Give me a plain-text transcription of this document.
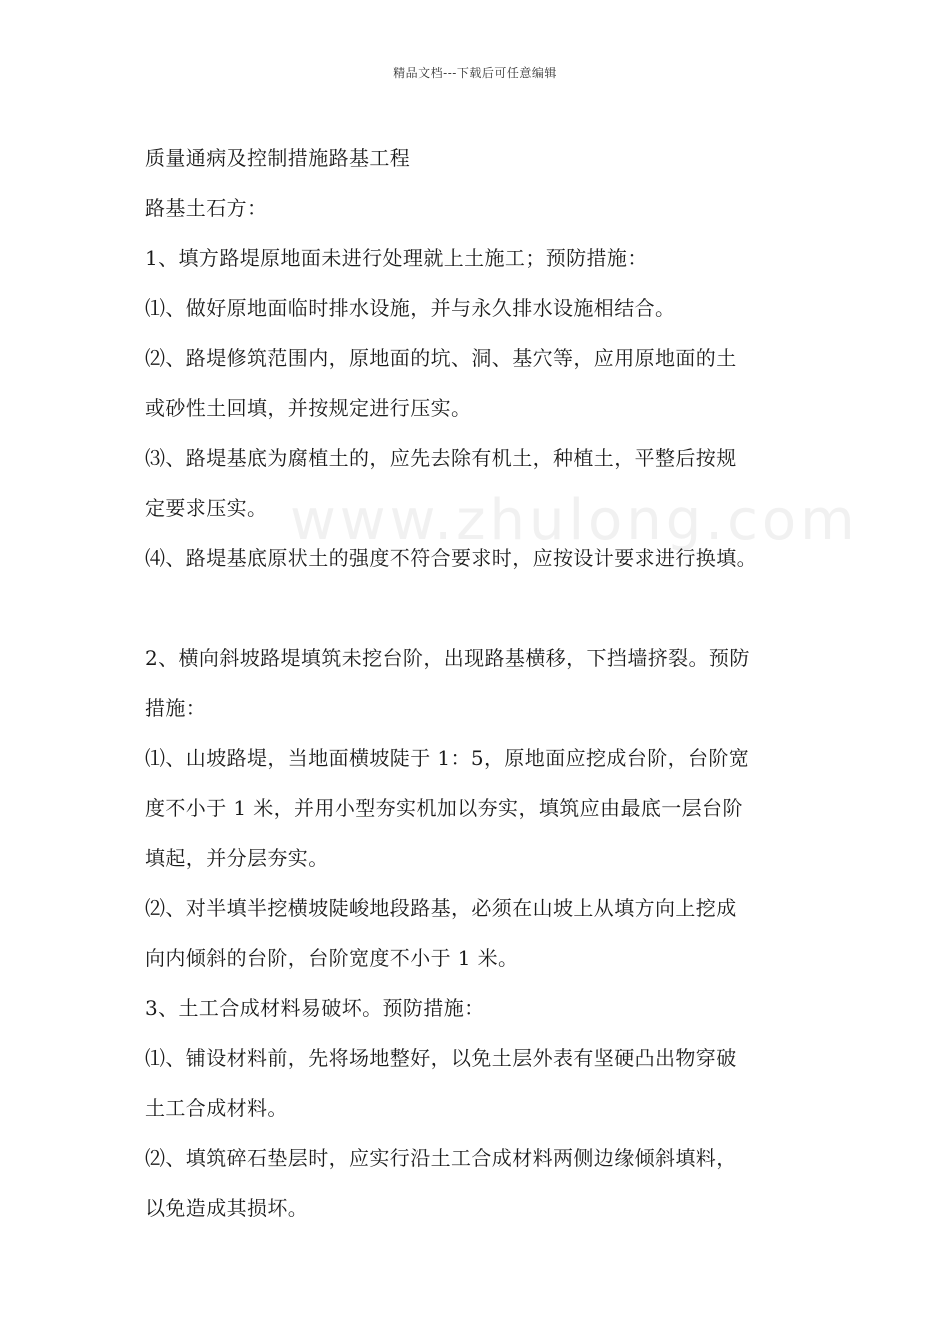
精品文档---下载后可任意编辑
www.zhulong.com
质量通病及控制措施路基工程
路基土石方：
1、填方路堤原地面未进行处理就上土施工；预防措施：
⑴、做好原地面临时排水设施，并与永久排水设施相结合。
⑵、路堤修筑范围内，原地面的坑、洞、基穴等，应用原地面的土
或砂性土回填，并按规定进行压实。
⑶、路堤基底为腐植土的，应先去除有机土，种植土，平整后按规
定要求压实。
⑷、路堤基底原状土的强度不符合要求时，应按设计要求进行换填。
2、横向斜坡路堤填筑未挖台阶，出现路基横移，下挡墙挤裂。预防
措施：
⑴、山坡路堤，当地面横坡陡于 1：5，原地面应挖成台阶，台阶宽
度不小于 1 米，并用小型夯实机加以夯实，填筑应由最底一层台阶
填起，并分层夯实。
⑵、对半填半挖横坡陡峻地段路基，必须在山坡上从填方向上挖成
向内倾斜的台阶，台阶宽度不小于 1 米。
3、土工合成材料易破坏。预防措施：
⑴、铺设材料前，先将场地整好，以免土层外表有坚硬凸出物穿破
土工合成材料。
⑵、填筑碎石垫层时，应实行沿土工合成材料两侧边缘倾斜填料，
以免造成其损坏。
